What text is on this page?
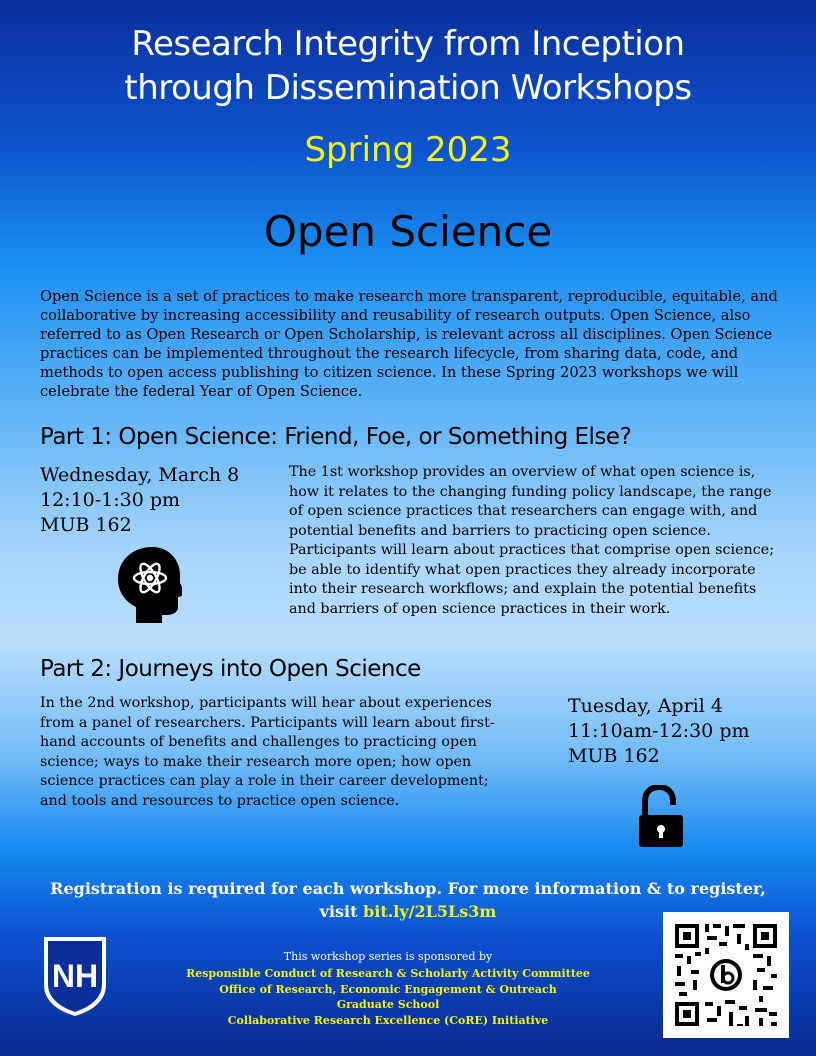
Research Integrity from Inception
through Dissemination Workshops
Spring 2023
Open Science
Open Science is a set of practices to make research more transparent, reproducible, equitable, and collaborative by increasing accessibility and reusability of research outputs. Open Science, also referred to as Open Research or Open Scholarship, is relevant across all disciplines. Open Science practices can be implemented throughout the research lifecycle, from sharing data, code, and methods to open access publishing to citizen science. In these Spring 2023 workshops we will celebrate the federal Year of Open Science.
Part 1: Open Science: Friend, Foe, or Something Else?
Wednesday, March 8
12:10-1:30 pm
MUB 162
The 1st workshop provides an overview of what open science is, how it relates to the changing funding policy landscape, the range of open science practices that researchers can engage with, and potential benefits and barriers to practicing open science. Participants will learn about practices that comprise open science; be able to identify what open practices they already incorporate into their research workflows; and explain the potential benefits and barriers of open science practices in their work.
Part 2: Journeys into Open Science
In the 2nd workshop, participants will hear about experiences from a panel of researchers. Participants will learn about first-hand accounts of benefits and challenges to practicing open science; ways to make their research more open; how open science practices can play a role in their career development; and tools and resources to practice open science.
Tuesday, April 4
11:10am-12:30 pm
MUB 162
Registration is required for each workshop. For more information & to register, visit bit.ly/2L5Ls3m
NH
This workshop series is sponsored by
Responsible Conduct of Research & Scholarly Activity Committee
Office of Research, Economic Engagement & Outreach
Graduate School
Collaborative Research Excellence (CoRE) Initiative
